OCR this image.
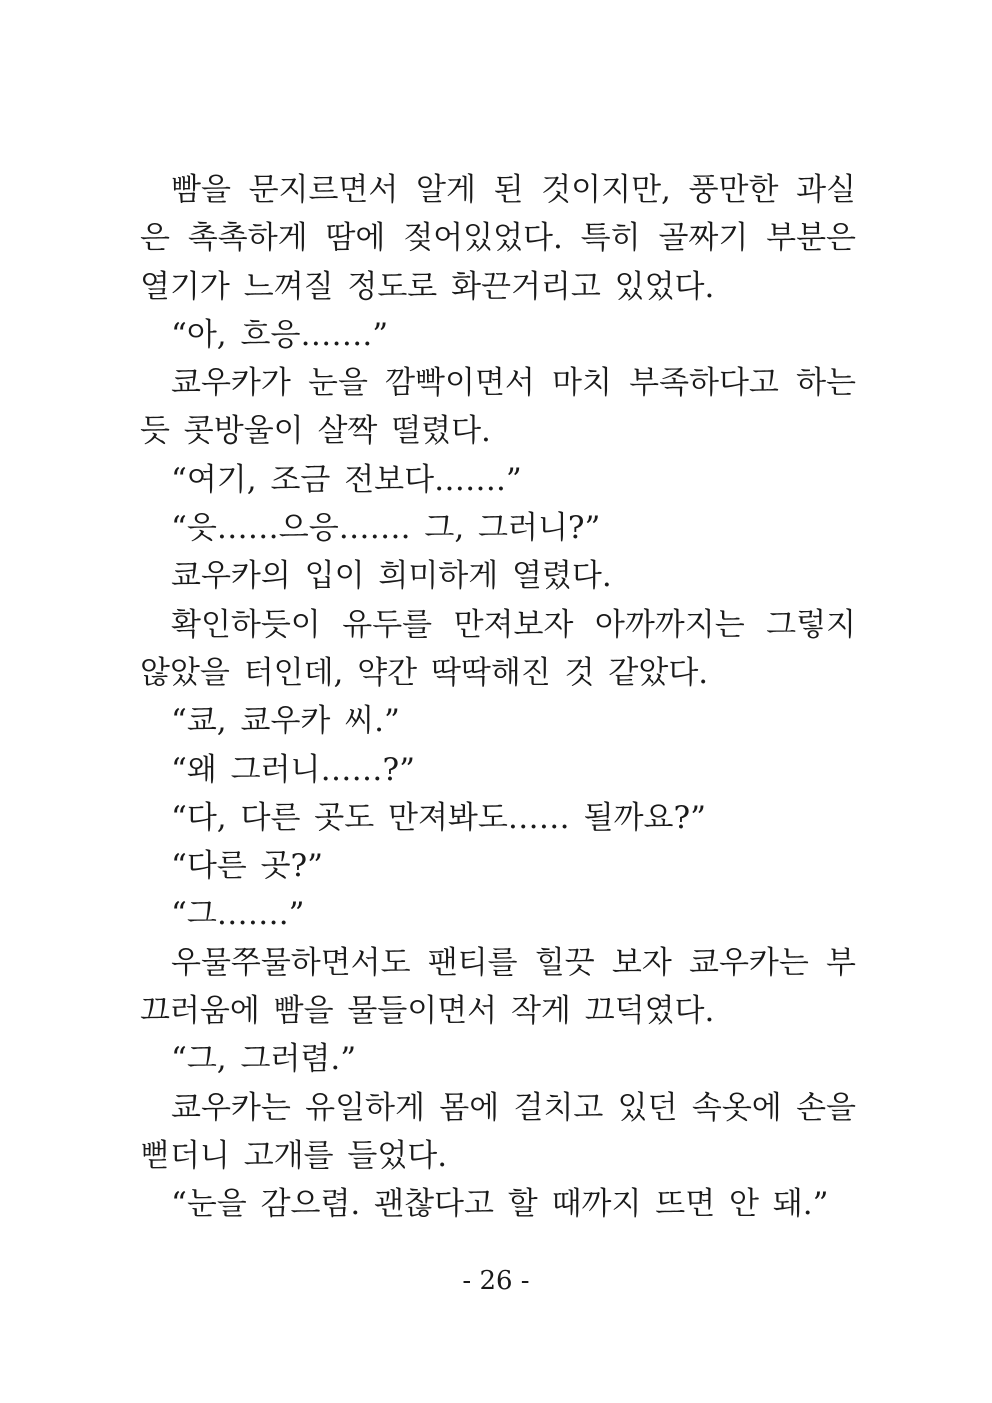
빰을 문지르면서 알게 된 것이지만, 풍만한 과실은 촉촉하게 땀에 젖어있었다. 특히 골짜기 부분은 열기가 느껴질 정도로 화끈거리고 있었다.

“아, 흐응…….”

쿄우카가 눈을 깜빡이면서 마치 부족하다고 하는 듯 콧방울이 살짝 떨렸다.

“여기, 조금 전보다…….”

“읏……으응……. 그, 그러니?”

쿄우카의 입이 희미하게 열렸다.

확인하듯이 유두를 만져보자 아까까지는 그렇지 않았을 터인데, 약간 딱딱해진 것 같았다.

“쿄, 쿄우카 씨.”

“왜 그러니……?”

“다, 다른 곳도 만져봐도…… 될까요?”

“다른 곳?”

“그…….”

우물쭈물하면서도 팬티를 힐끗 보자 쿄우카는 부끄러움에 빰을 물들이면서 작게 끄덕였다.

“그, 그러렴.”

쿄우카는 유일하게 몸에 걸치고 있던 속옷에 손을 뻗더니 고개를 들었다.

“눈을 감으렴. 괜찮다고 할 때까지 뜨면 안 돼.”

- 26 -
